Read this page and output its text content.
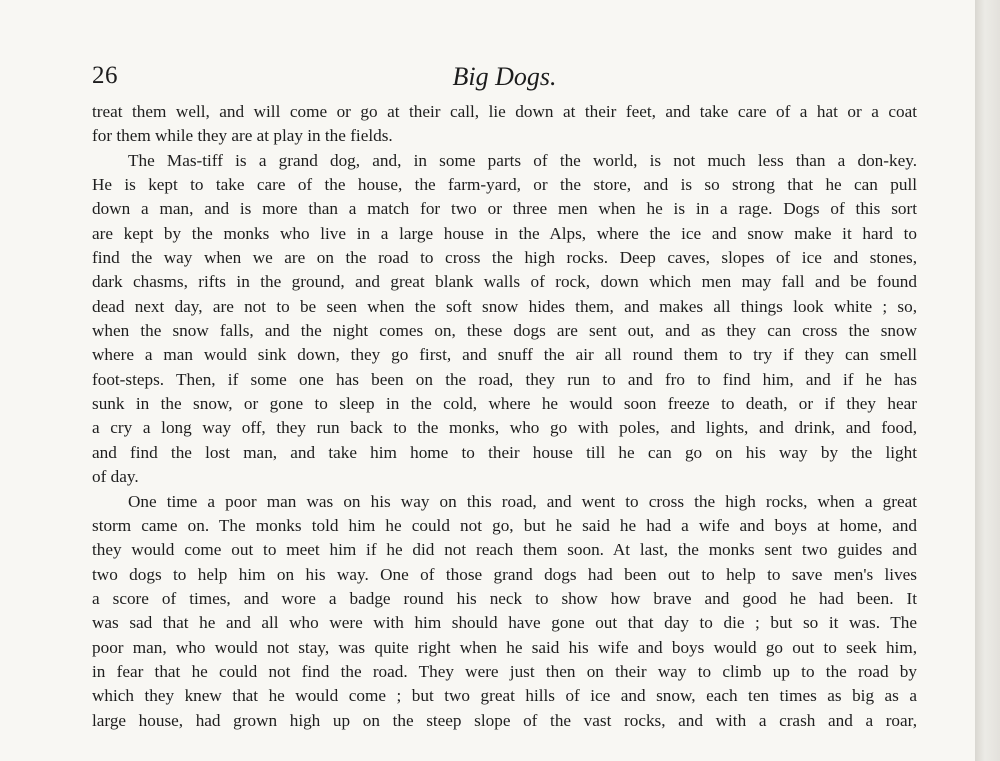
26	Big Dogs.

treat them well, and will come or go at their call, lie down at their feet, and take care of a hat or a coat
for them while they are at play in the fields.

The Mas-tiff is a grand dog, and, in some parts of the world, is not much less than a don-key.
He is kept to take care of the house, the farm-yard, or the store, and is so strong that he can pull
down a man, and is more than a match for two or three men when he is in a rage. Dogs of this sort
are kept by the monks who live in a large house in the Alps, where the ice and snow make it hard to
find the way when we are on the road to cross the high rocks. Deep caves, slopes of ice and stones,
dark chasms, rifts in the ground, and great blank walls of rock, down which men may fall and be found
dead next day, are not to be seen when the soft snow hides them, and makes all things look white ; so,
when the snow falls, and the night comes on, these dogs are sent out, and as they can cross the snow
where a man would sink down, they go first, and snuff the air all round them to try if they can smell
foot-steps. Then, if some one has been on the road, they run to and fro to find him, and if he has
sunk in the snow, or gone to sleep in the cold, where he would soon freeze to death, or if they hear
a cry a long way off, they run back to the monks, who go with poles, and lights, and drink, and food,
and find the lost man, and take him home to their house till he can go on his way by the light
of day.

One time a poor man was on his way on this road, and went to cross the high rocks, when a great
storm came on. The monks told him he could not go, but he said he had a wife and boys at home, and
they would come out to meet him if he did not reach them soon. At last, the monks sent two guides and
two dogs to help him on his way. One of those grand dogs had been out to help to save men's lives
a score of times, and wore a badge round his neck to show how brave and good he had been. It
was sad that he and all who were with him should have gone out that day to die ; but so it was. The
poor man, who would not stay, was quite right when he said his wife and boys would go out to seek him,
in fear that he could not find the road. They were just then on their way to climb up to the road by
which they knew that he would come ; but two great hills of ice and snow, each ten times as big as a
large house, had grown high up on the steep slope of the vast rocks, and with a crash and a roar,
